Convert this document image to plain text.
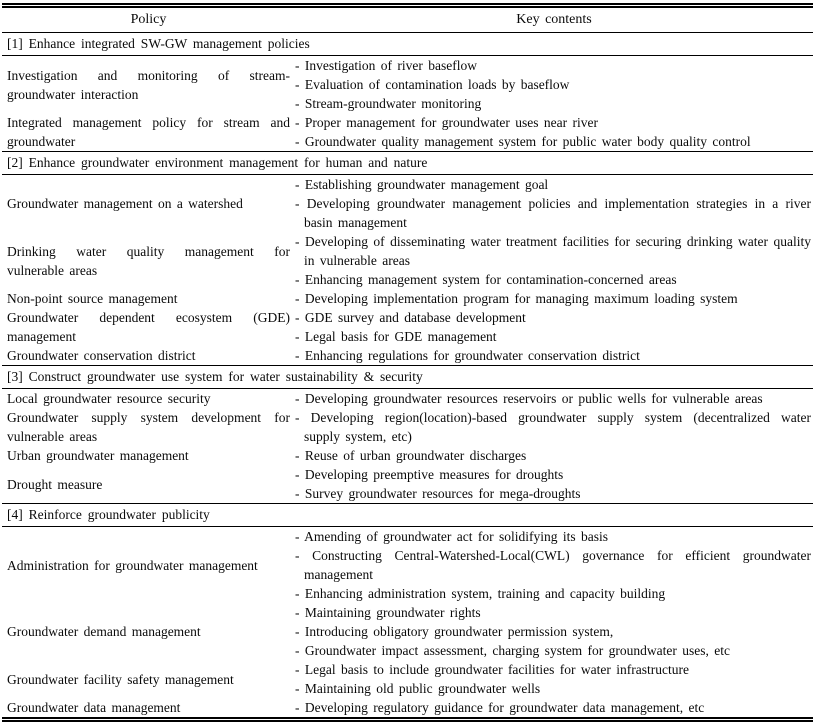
Policy	Key contents
[1] Enhance integrated SW-GW management policies	
Investigation and monitoring of stream-groundwater interaction	- Investigation of river baseflow
- Evaluation of contamination loads by baseflow
- Stream-groundwater monitoring

Integrated management policy for stream and groundwater	- Proper management for groundwater uses near river
- Groundwater quality management system for public water body quality control

[2] Enhance groundwater environment management for human and nature	
Groundwater management on a watershed	- Establishing groundwater management goal
- Developing groundwater management policies and implementation strategies in a river basin management

Drinking water quality management for vulnerable areas	- Developing of disseminating water treatment facilities for securing drinking water quality in vulnerable areas
- Enhancing management system for contamination-concerned areas

Non-point source management	- Developing implementation program for managing maximum loading system

Groundwater dependent ecosystem (GDE) management	- GDE survey and database development
- Legal basis for GDE management

Groundwater conservation district	- Enhancing regulations for groundwater conservation district

[3] Construct groundwater use system for water sustainability & security	
Local groundwater resource security	- Developing groundwater resources reservoirs or public wells for vulnerable areas

Groundwater supply system development for vulnerable areas	- Developing region(location)-based groundwater supply system (decentralized water supply system, etc)

Urban groundwater management	- Reuse of urban groundwater discharges

Drought measure	- Developing preemptive measures for droughts
- Survey groundwater resources for mega-droughts

[4] Reinforce groundwater publicity	
Administration for groundwater management	- Amending of groundwater act for solidifying its basis
- Constructing Central-Watershed-Local(CWL) governance for efficient groundwater management
- Enhancing administration system, training and capacity building

Groundwater demand management	- Maintaining groundwater rights
- Introducing obligatory groundwater permission system,
- Groundwater impact assessment, charging system for groundwater uses, etc

Groundwater facility safety management	- Legal basis to include groundwater facilities for water infrastructure
- Maintaining old public groundwater wells

Groundwater data management	- Developing regulatory guidance for groundwater data management, etc
